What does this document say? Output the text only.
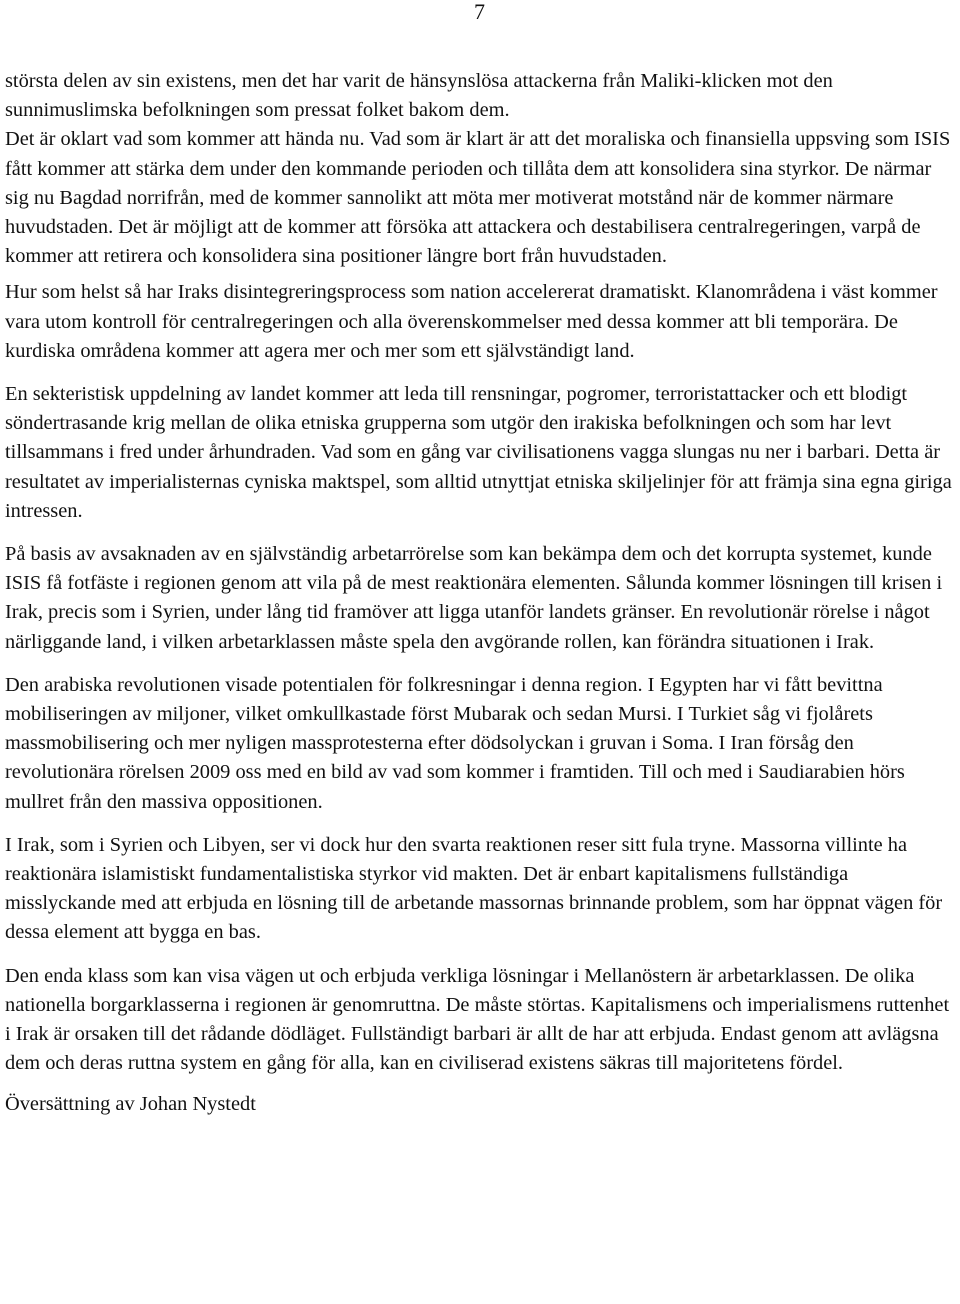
7

största delen av sin existens, men det har varit de hänsynslösa attackerna från Maliki-klicken mot den sunnimuslimska befolkningen som pressat folket bakom dem.

Det är oklart vad som kommer att hända nu. Vad som är klart är att det moraliska och finansiella uppsving som ISIS fått kommer att stärka dem under den kommande perioden och tillåta dem att konsolidera sina styrkor. De närmar sig nu Bagdad norrifrån, med de kommer sannolikt att möta mer motiverat motstånd när de kommer närmare huvudstaden. Det är möjligt att de kommer att försöka att attackera och destabilisera centralregeringen, varpå de kommer att retirera och konsolidera sina positioner längre bort från huvudstaden.

Hur som helst så har Iraks disintegreringsprocess som nation accelererat dramatiskt. Klanområdena i väst kommer vara utom kontroll för centralregeringen och alla överenskommelser med dessa kommer att bli temporära. De kurdiska områdena kommer att agera mer och mer som ett självständigt land.

En sekteristisk uppdelning av landet kommer att leda till rensningar, pogromer, terroristattacker och ett blodigt söndertrasande krig mellan de olika etniska grupperna som utgör den irakiska befolkningen och som har levt tillsammans i fred under århundraden. Vad som en gång var civilisationens vagga slungas nu ner i barbari. Detta är resultatet av imperialisternas cyniska maktspel, som alltid utnyttjat etniska skiljelinjer för att främja sina egna giriga intressen.

På basis av avsaknaden av en självständig arbetarrörelse som kan bekämpa dem och det korrupta systemet, kunde ISIS få fotfäste i regionen genom att vila på de mest reaktionära elementen. Sålunda kommer lösningen till krisen i Irak, precis som i Syrien, under lång tid framöver att ligga utanför landets gränser. En revolutionär rörelse i något närliggande land, i vilken arbetarklassen måste spela den avgörande rollen, kan förändra situationen i Irak.

Den arabiska revolutionen visade potentialen för folkresningar i denna region. I Egypten har vi fått bevittna mobiliseringen av miljoner, vilket omkullkastade först Mubarak och sedan Mursi. I Turkiet såg vi fjolårets massmobilisering och mer nyligen massprotesterna efter dödsolyckan i gruvan i Soma. I Iran försåg den revolutionära rörelsen 2009 oss med en bild av vad som kommer i framtiden. Till och med i Saudiarabien hörs mullret från den massiva oppositionen.

I Irak, som i Syrien och Libyen, ser vi dock hur den svarta reaktionen reser sitt fula tryne. Massorna villinte ha reaktionära islamistiskt fundamentalistiska styrkor vid makten. Det är enbart kapitalismens fullständiga misslyckande med att erbjuda en lösning till de arbetande massornas brinnande problem, som har öppnat vägen för dessa element att bygga en bas.

Den enda klass som kan visa vägen ut och erbjuda verkliga lösningar i Mellanöstern är arbetarklassen. De olika nationella borgarklasserna i regionen är genomruttna. De måste störtas. Kapitalismens och imperialismens ruttenhet i Irak är orsaken till det rådande dödläget. Fullständigt barbari är allt de har att erbjuda. Endast genom att avlägsna dem och deras ruttna system en gång för alla, kan en civiliserad existens säkras till majoritetens fördel.

Översättning av Johan Nystedt
